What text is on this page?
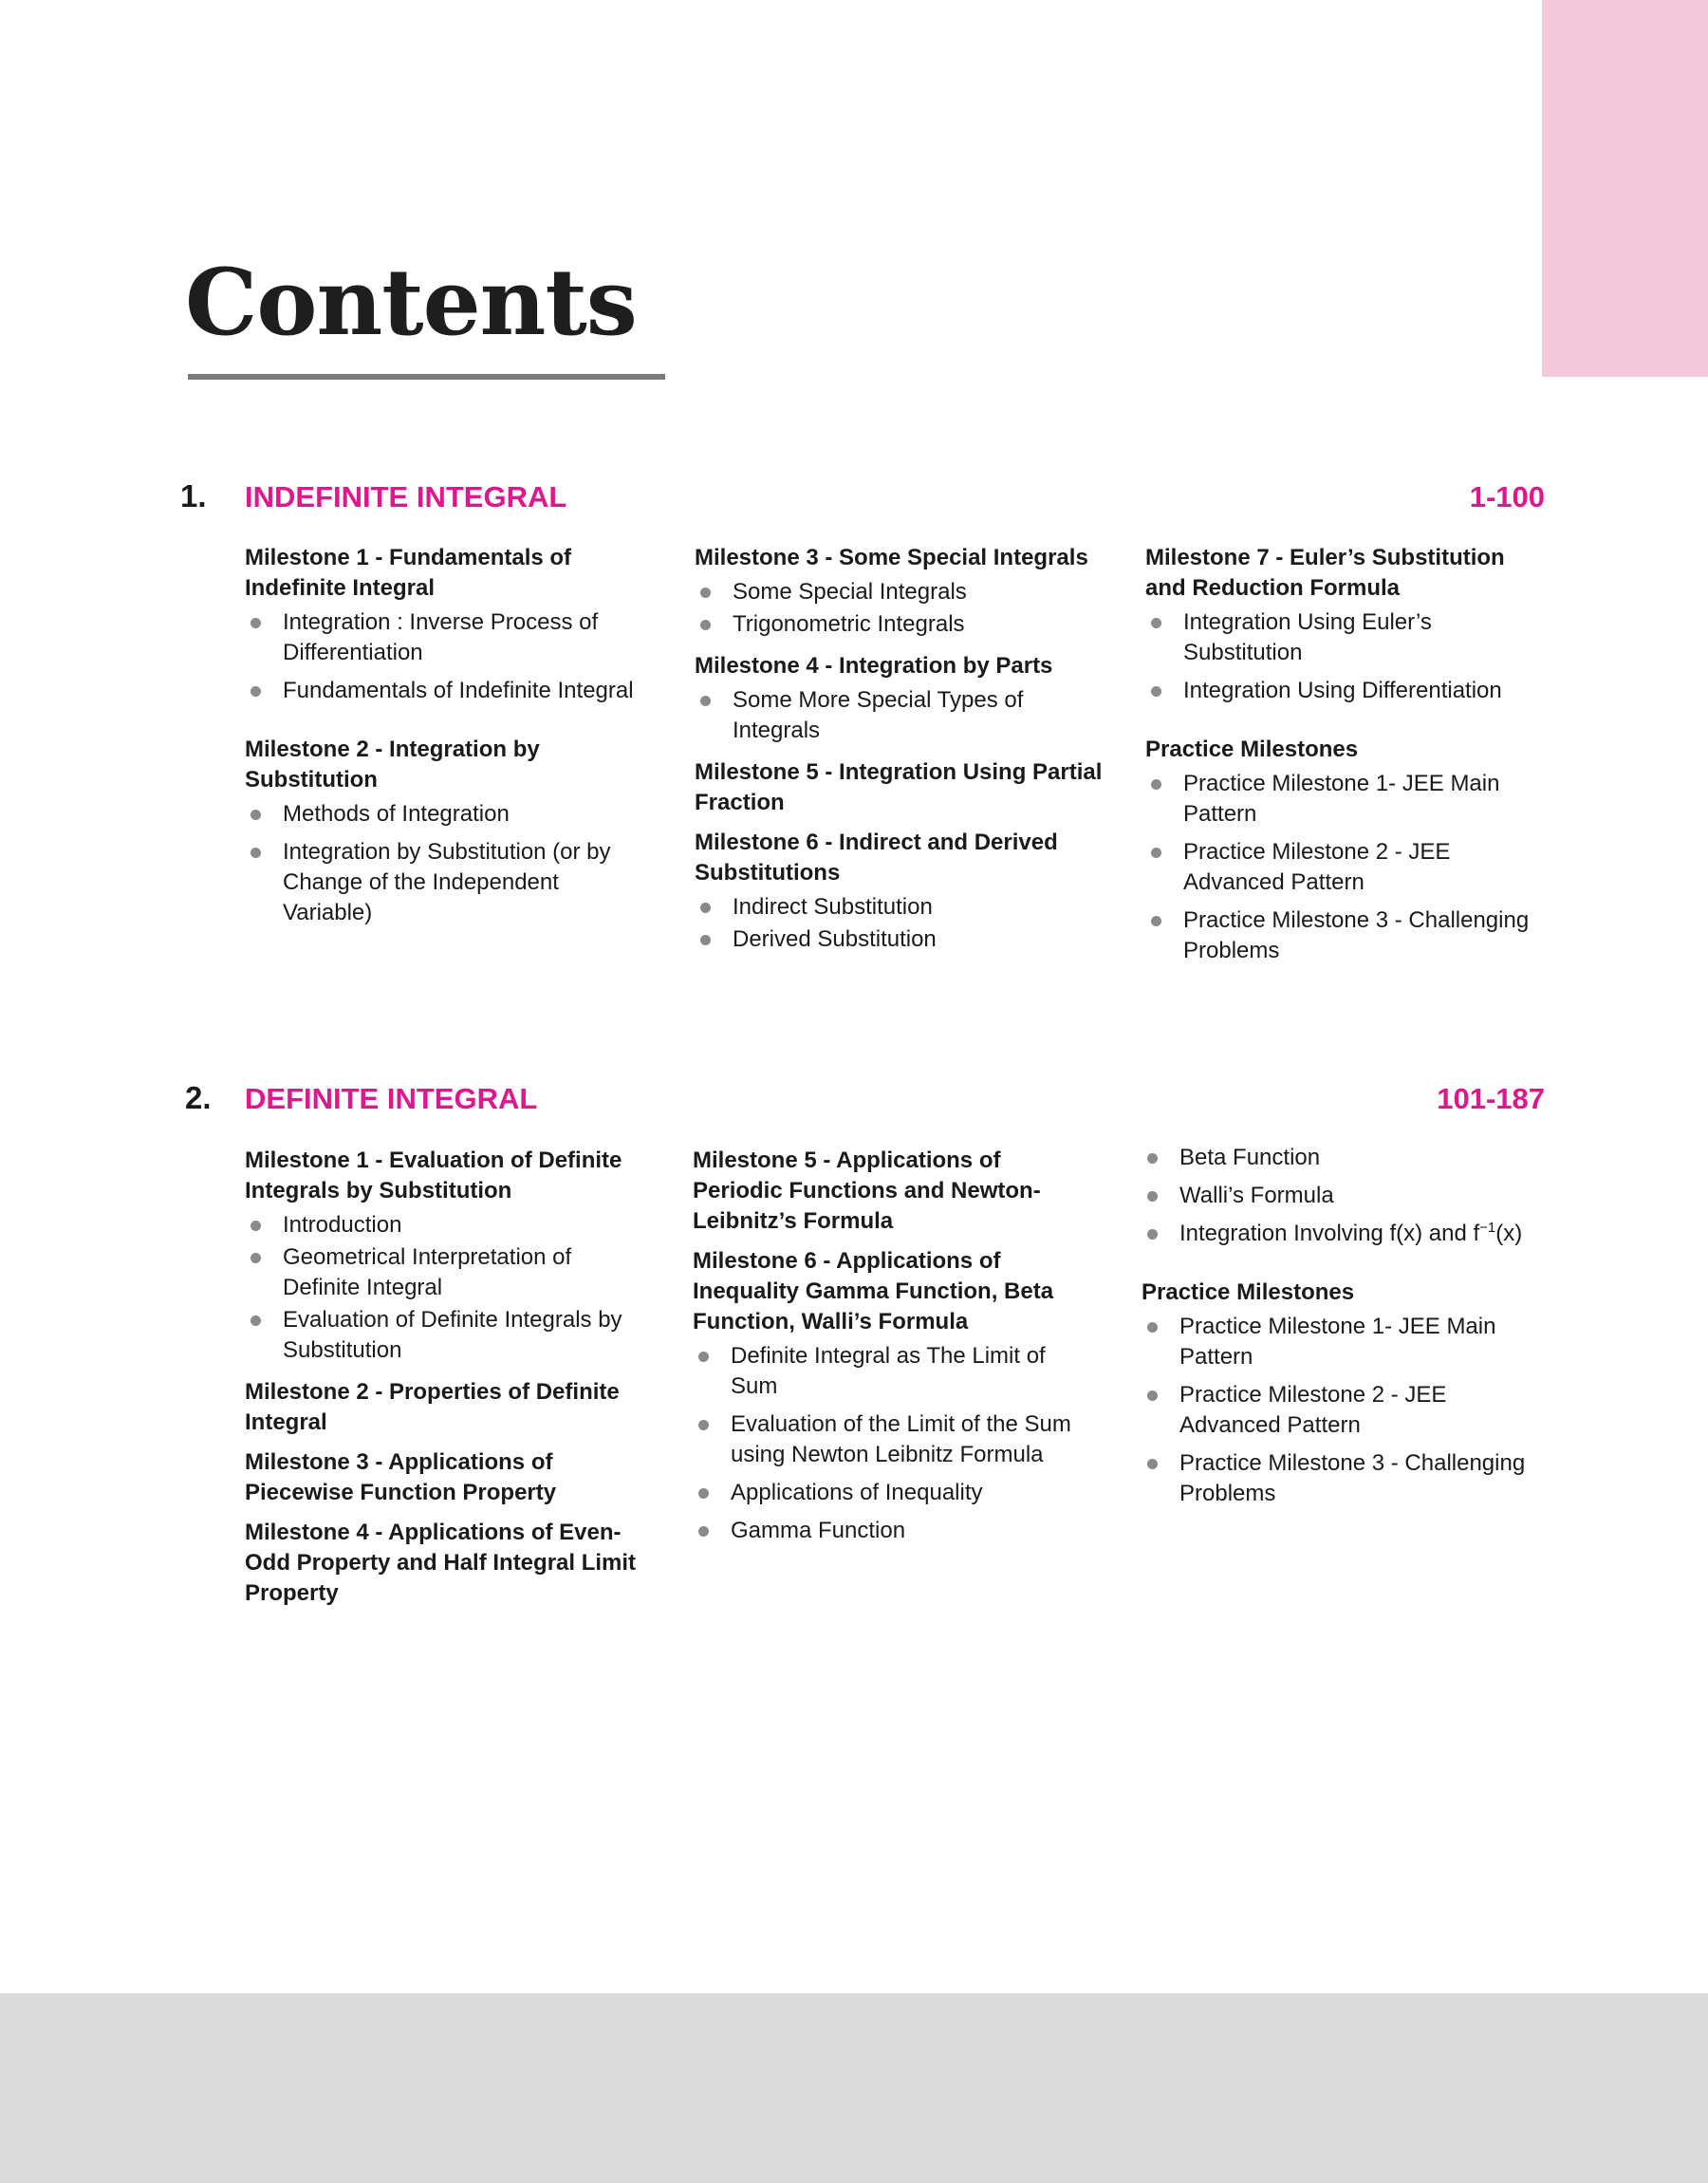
Contents
1. INDEFINITE INTEGRAL	1-100

Milestone 1 - Fundamentals of Indefinite Integral

Integration : Inverse Process of Differentiation
Fundamentals of Indefinite Integral

Milestone 2 - Integration by Substitution

Methods of Integration
Integration by Substitution (or by Change of the Independent Variable)

Milestone 3 - Some Special Integrals

Some Special Integrals
Trigonometric Integrals

Milestone 4 - Integration by Parts

Some More Special Types of Integrals

Milestone 5 - Integration Using Partial Fraction

Milestone 6 - Indirect and Derived Substitutions

Indirect Substitution
Derived Substitution

Milestone 7 - Euler’s Substitution and Reduction Formula

Integration Using Euler’s Substitution
Integration Using Differentiation

Practice Milestones

Practice Milestone 1- JEE Main Pattern
Practice Milestone 2 - JEE Advanced Pattern
Practice Milestone 3 - Challenging Problems
2. DEFINITE INTEGRAL	101-187

Milestone 1 - Evaluation of Definite Integrals by Substitution

Introduction
Geometrical Interpretation of Definite Integral
Evaluation of Definite Integrals by Substitution

Milestone 2 - Properties of Definite Integral

Milestone 3 - Applications of Piecewise Function Property

Milestone 4 - Applications of Even-Odd Property and Half Integral Limit Property

Milestone 5 - Applications of Periodic Functions and Newton-Leibnitz’s Formula

Milestone 6 - Applications of Inequality Gamma Function, Beta Function, Walli’s Formula

Definite Integral as The Limit of Sum
Evaluation of the Limit of the Sum using Newton Leibnitz Formula
Applications of Inequality
Gamma Function
Beta Function
Walli’s Formula
Integration Involving f(x) and $f^{-1}(x)$

Practice Milestones

Practice Milestone 1- JEE Main Pattern
Practice Milestone 2 - JEE Advanced Pattern
Practice Milestone 3 - Challenging Problems
